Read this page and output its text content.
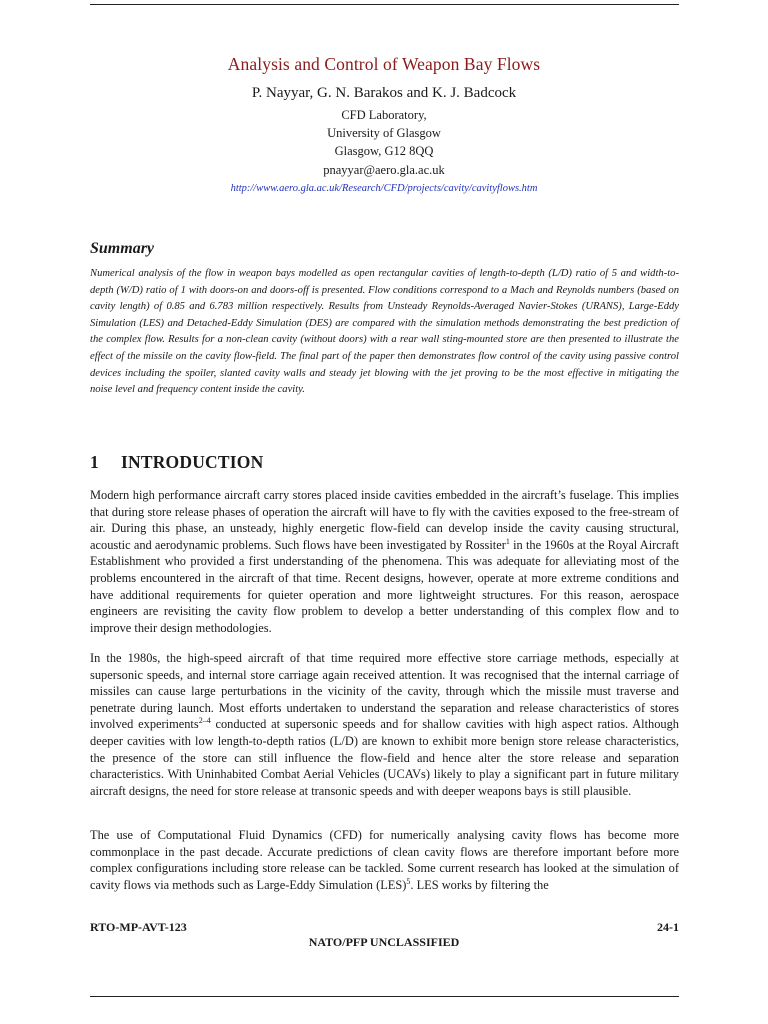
Analysis and Control of Weapon Bay Flows
P. Nayyar, G. N. Barakos and K. J. Badcock
CFD Laboratory,
University of Glasgow
Glasgow, G12 8QQ
pnayyar@aero.gla.ac.uk
http://www.aero.gla.ac.uk/Research/CFD/projects/cavity/cavityflows.htm
Summary
Numerical analysis of the flow in weapon bays modelled as open rectangular cavities of length-to-depth (L/D) ratio of 5 and width-to-depth (W/D) ratio of 1 with doors-on and doors-off is presented. Flow conditions correspond to a Mach and Reynolds numbers (based on cavity length) of 0.85 and 6.783 million respectively. Results from Unsteady Reynolds-Averaged Navier-Stokes (URANS), Large-Eddy Simulation (LES) and Detached-Eddy Simulation (DES) are compared with the simulation methods demonstrating the best prediction of the complex flow. Results for a non-clean cavity (without doors) with a rear wall sting-mounted store are then presented to illustrate the effect of the missile on the cavity flow-field. The final part of the paper then demonstrates flow control of the cavity using passive control devices including the spoiler, slanted cavity walls and steady jet blowing with the jet proving to be the most effective in mitigating the noise level and frequency content inside the cavity.
1 INTRODUCTION
Modern high performance aircraft carry stores placed inside cavities embedded in the aircraft’s fuselage. This implies that during store release phases of operation the aircraft will have to fly with the cavities exposed to the free-stream of air. During this phase, an unsteady, highly energetic flow-field can develop inside the cavity causing structural, acoustic and aerodynamic problems. Such flows have been investigated by Rossiter$^1$ in the 1960s at the Royal Aircraft Establishment who provided a first understanding of the phenomena. This was adequate for alleviating most of the problems encountered in the aircraft of that time. Recent designs, however, operate at more extreme conditions and have additional requirements for quieter operation and more lightweight structures. For this reason, aerospace engineers are revisiting the cavity flow problem to develop a better understanding of this complex flow and to improve their design methodologies.
In the 1980s, the high-speed aircraft of that time required more effective store carriage methods, especially at supersonic speeds, and internal store carriage again received attention. It was recognised that the internal carriage of missiles can cause large perturbations in the vicinity of the cavity, through which the missile must traverse and penetrate during launch. Most efforts undertaken to understand the separation and release characteristics of stores involved experiments$^{2-4}$ conducted at supersonic speeds and for shallow cavities with high aspect ratios. Although deeper cavities with low length-to-depth ratios (L/D) are known to exhibit more benign store release characteristics, the presence of the store can still influence the flow-field and hence alter the store release and separation characteristics. With Uninhabited Combat Aerial Vehicles (UCAVs) likely to play a significant part in future military aircraft designs, the need for store release at transonic speeds and with deeper weapons bays is still plausible.
The use of Computational Fluid Dynamics (CFD) for numerically analysing cavity flows has become more commonplace in the past decade. Accurate predictions of clean cavity flows are therefore important before more complex configurations including store release can be tackled. Some current research has looked at the simulation of cavity flows via methods such as Large-Eddy Simulation (LES)$^5$. LES works by filtering the
RTO-MP-AVT-123	24-1
NATO/PFP UNCLASSIFIED
